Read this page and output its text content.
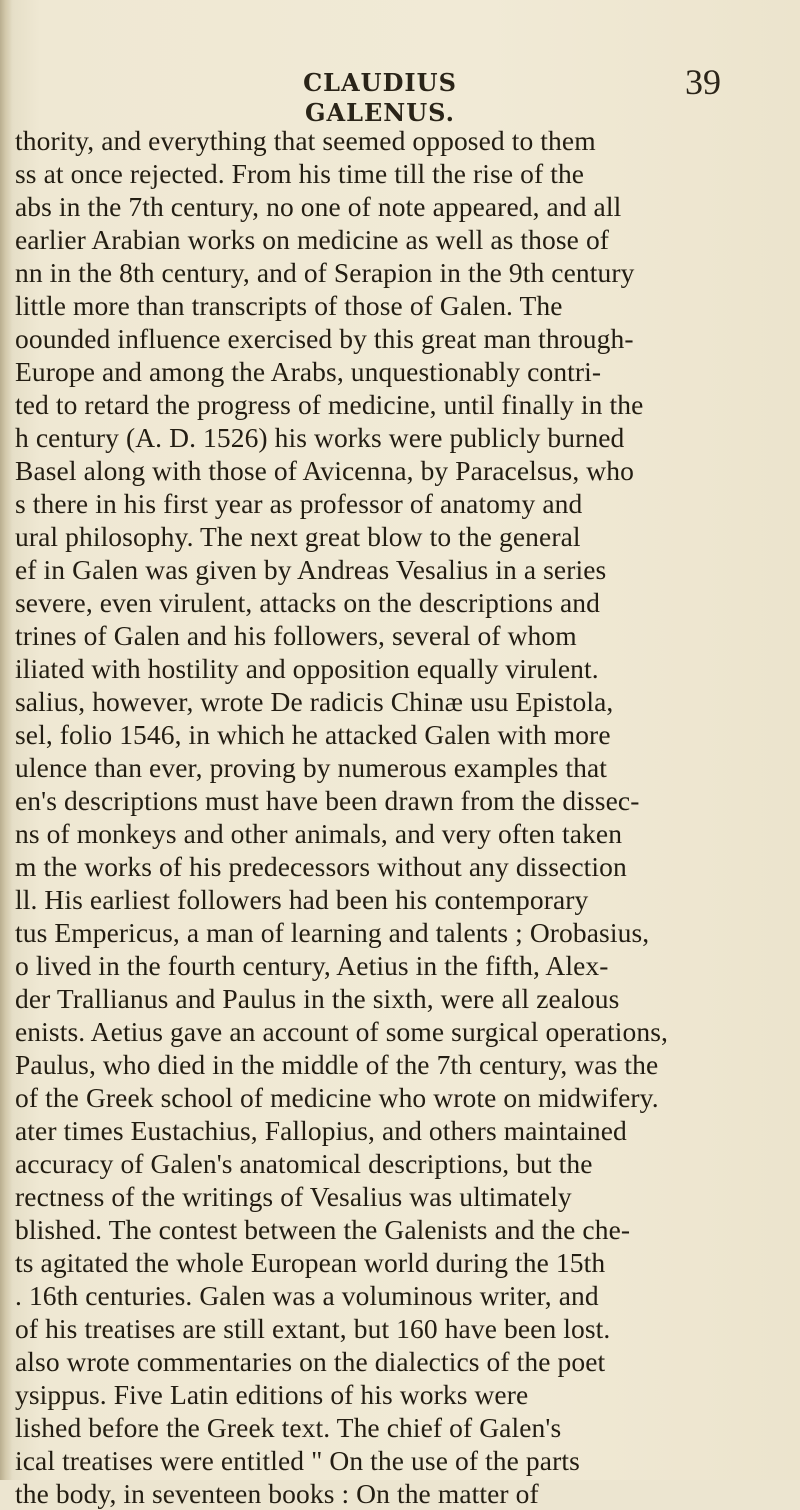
CLAUDIUS GALENUS.
39
thority, and everything that seemed opposed to them
ss at once rejected. From his time till the rise of the
abs in the 7th century, no one of note appeared, and all
earlier Arabian works on medicine as well as those of
nn in the 8th century, and of Serapion in the 9th century
little more than transcripts of those of Galen. The
oounded influence exercised by this great man through-
Europe and among the Arabs, unquestionably contri-
ted to retard the progress of medicine, until finally in the
h century (A. D. 1526) his works were publicly burned
Basel along with those of Avicenna, by Paracelsus, who
s there in his first year as professor of anatomy and
ural philosophy. The next great blow to the general
ef in Galen was given by Andreas Vesalius in a series
severe, even virulent, attacks on the descriptions and
trines of Galen and his followers, several of whom
iliated with hostility and opposition equally virulent.
salius, however, wrote De radicis Chinæ usu Epistola,
sel, folio 1546, in which he attacked Galen with more
ulence than ever, proving by numerous examples that
en's descriptions must have been drawn from the dissec-
ns of monkeys and other animals, and very often taken
m the works of his predecessors without any dissection
ll. His earliest followers had been his contemporary
tus Empericus, a man of learning and talents ; Orobasius,
o lived in the fourth century, Aetius in the fifth, Alex-
der Trallianus and Paulus in the sixth, were all zealous
enists. Aetius gave an account of some surgical operations,
Paulus, who died in the middle of the 7th century, was the
of the Greek school of medicine who wrote on midwifery.
ater times Eustachius, Fallopius, and others maintained
accuracy of Galen's anatomical descriptions, but the
rectness of the writings of Vesalius was ultimately
blished. The contest between the Galenists and the che-
ts agitated the whole European world during the 15th
. 16th centuries. Galen was a voluminous writer, and
of his treatises are still extant, but 160 have been lost.
also wrote commentaries on the dialectics of the poet
ysippus. Five Latin editions of his works were
lished before the Greek text. The chief of Galen's
ical treatises were entitled " On the use of the parts
the body, in seventeen books : On the matter of
